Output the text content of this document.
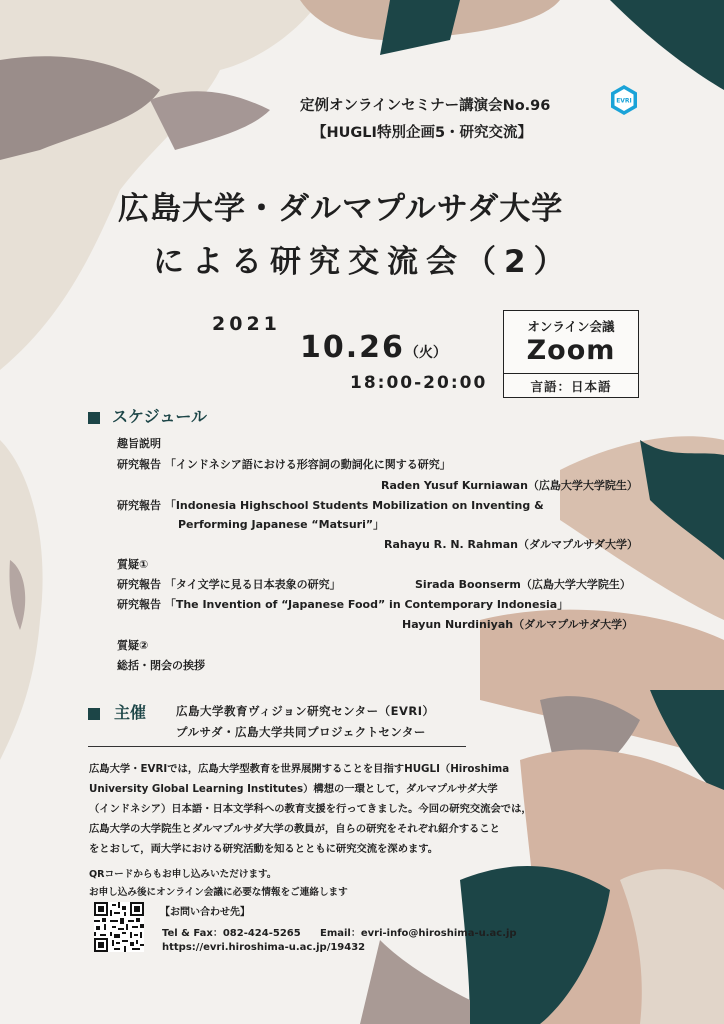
定例オンラインセミナー講演会No.96
【HUGLI特別企画5・研究交流】
EVRI
広島大学・ダルマプルサダ大学
による研究交流会（2）
2021
10.26（火）
18:00-20:00
オンライン会議
Zoom
言語：日本語
スケジュール
趣旨説明
研究報告 「インドネシア語における形容詞の動詞化に関する研究」
Raden Yusuf Kurniawan（広島大学大学院生）
研究報告 「Indonesia Highschool Students Mobilization on Inventing &
Performing Japanese “Matsuri”」
Rahayu R. N. Rahman（ダルマプルサダ大学）
質疑①
研究報告 「タイ文学に見る日本表象の研究」	Sirada Boonserm（広島大学大学院生）
研究報告 「The Invention of “Japanese Food” in Contemporary Indonesia」
Hayun Nurdiniyah（ダルマプルサダ大学）
質疑②
総括・閉会の挨拶
主催	広島大学教育ヴィジョン研究センター（EVRI）
プルサダ・広島大学共同プロジェクトセンター
広島大学・EVRIでは，広島大学型教育を世界展開することを目指すHUGLI（Hiroshima
University Global Learning Institutes）構想の一環として，ダルマプルサダ大学
（インドネシア）日本語・日本文学科への教育支援を行ってきました。今回の研究交流会では，
広島大学の大学院生とダルマプルサダ大学の教員が，自らの研究をそれぞれ紹介すること
をとおして，両大学における研究活動を知るとともに研究交流を深めます。
QRコードからもお申し込みいただけます。
お申し込み後にオンライン会議に必要な情報をご連絡します
【お問い合わせ先】
Tel & Fax：082-424-5265 Email：evri-info@hiroshima-u.ac.jp
https://evri.hiroshima-u.ac.jp/19432
